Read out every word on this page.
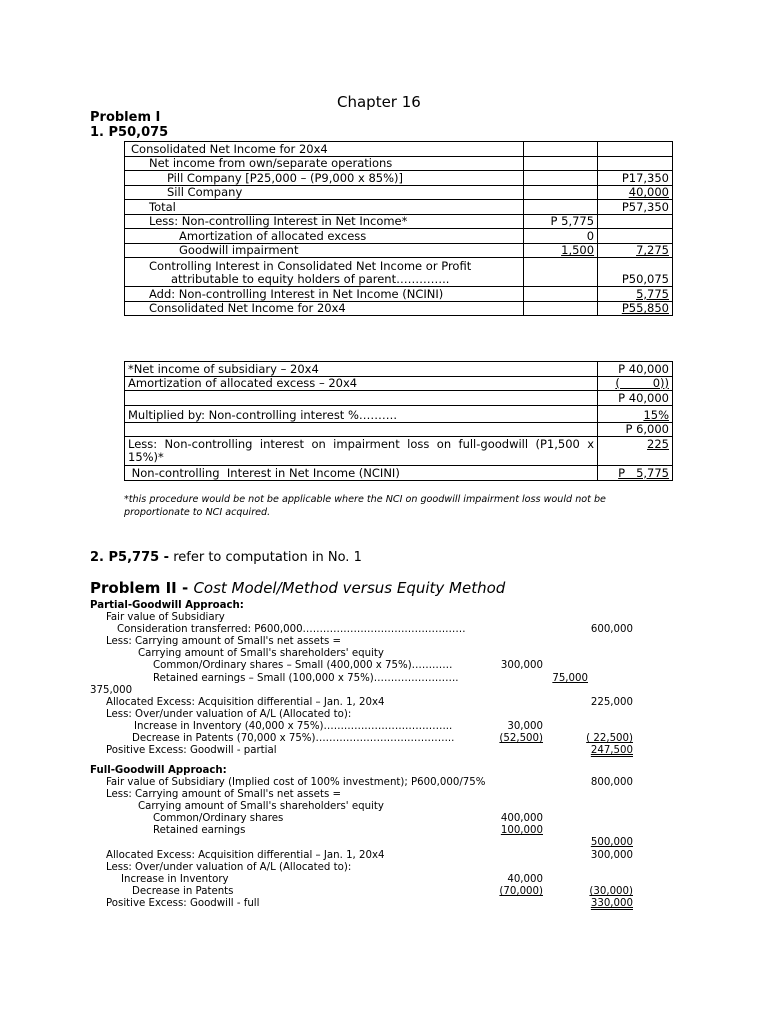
Chapter 16
Problem I
1. P50,075
Consolidated Net Income for 20x4		
Net income from own/separate operations		
Pill Company [P25,000 – (P9,000 x 85%)]		P17,350
Sill Company		40,000
Total		P57,350
Less: Non-controlling Interest in Net Income*	P 5,775	
Amortization of allocated excess	0	
Goodwill impairment	1,500	7,275

Controlling Interest in Consolidated Net Income or Profit
attributable to equity holders of parent…………..		P50,075
Add: Non-controlling Interest in Net Income (NCINI)		5,775
Consolidated Net Income for 20x4		P55,850
*Net income of subsidiary – 20x4	P 40,000
Amortization of allocated excess – 20x4	(         0))
	P 40,000
Multiplied by: Non-controlling interest %……….	15%
	P 6,000
Less: Non-controlling interest on impairment loss on full-goodwill (P1,500 x 15%)*	225
Non-controlling  Interest in Net Income (NCINI)	P   5,775
*this procedure would be not be applicable where the NCI on goodwill impairment loss would not be proportionate to NCI acquired.
2. P5,775 - refer to computation in No. 1
Problem II - Cost Model/Method versus Equity Method
Partial-Goodwill Approach:
Fair value of Subsidiary
Consideration transferred: P600,000…………………………………………	600,000
Less: Carrying amount of Small's net assets =
Carrying amount of Small's shareholders' equity
Common/Ordinary shares – Small (400,000 x 75%)…………	300,000
Retained earnings – Small (100,000 x 75%)…………………….	75,000
375,000
Allocated Excess: Acquisition differential – Jan. 1, 20x4	225,000
Less: Over/under valuation of A/L (Allocated to):
Increase in Inventory (40,000 x 75%)………………………………..	30,000
Decrease in Patents (70,000 x 75%)…………………………………..	(52,500)	( 22,500)
Positive Excess: Goodwill - partial	247,500
Full-Goodwill Approach:
Fair value of Subsidiary (Implied cost of 100% investment); P600,000/75%	800,000
Less: Carrying amount of Small's net assets =
Carrying amount of Small's shareholders' equity
Common/Ordinary shares	400,000
Retained earnings	100,000
500,000
Allocated Excess: Acquisition differential – Jan. 1, 20x4	300,000
Less: Over/under valuation of A/L (Allocated to):
Increase in Inventory	40,000
Decrease in Patents	(70,000)	(30,000)
Positive Excess: Goodwill - full	330,000
